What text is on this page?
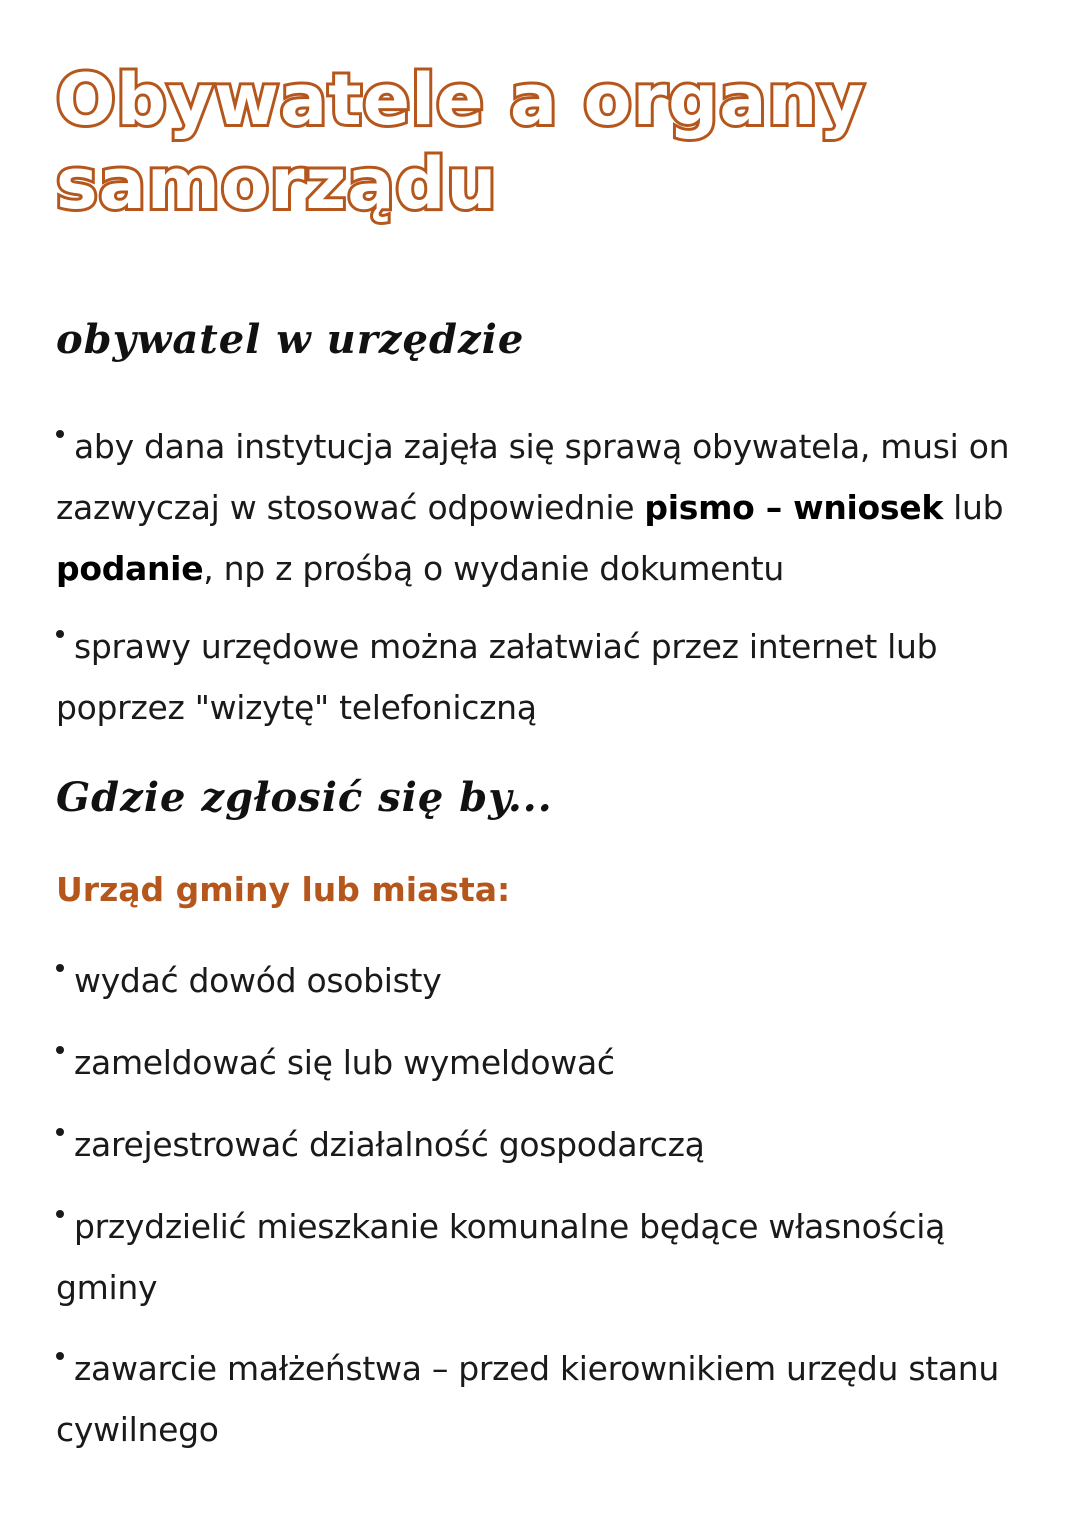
Obywatele a organy
samorządu
obywatel w urzędzie

aby dana instytucja zajęła się sprawą obywatela, musi on zazwyczaj w stosować odpowiednie pismo – wniosek lub podanie, np z prośbą o wydanie dokumentu

sprawy urzędowe można załatwiać przez internet lub poprzez "wizytę" telefoniczną

Gdzie zgłosić się by...
Urząd gminy lub miasta:

wydać dowód osobisty

zameldować się lub wymeldować

zarejestrować działalność gospodarczą

przydzielić mieszkanie komunalne będące własnością gminy

zawarcie małżeństwa – przed kierownikiem urzędu stanu cywilnego
